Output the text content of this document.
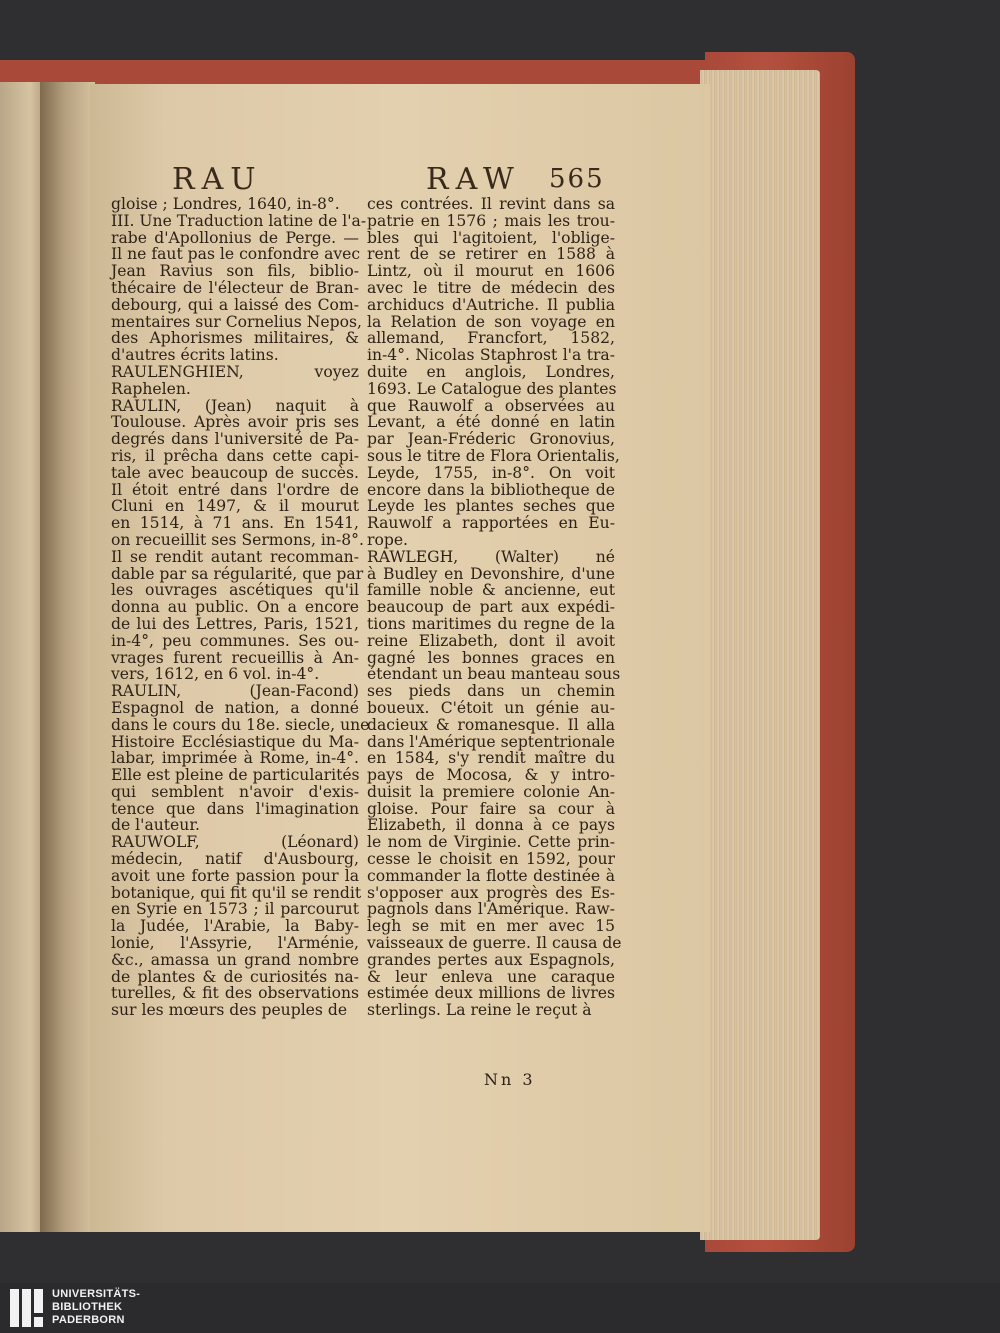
RAU	RAW 565
gloise ; Londres, 1640, in-8°.
III. Une Traduction latine de l'a-
rabe d'Apollonius de Perge. —
Il ne faut pas le confondre avec
Jean Ravius son fils, biblio-
thécaire de l'électeur de Bran-
debourg, qui a laissé des Com-
mentaires sur Cornelius Nepos,
des Aphorismes militaires, &
d'autres écrits latins.
RAULENGHIEN, voyez
Raphelen.
RAULIN, (Jean) naquit à
Toulouse. Après avoir pris ses
degrés dans l'université de Pa-
ris, il prêcha dans cette capi-
tale avec beaucoup de succès.
Il étoit entré dans l'ordre de
Cluni en 1497, & il mourut
en 1514, à 71 ans. En 1541,
on recueillit ses Sermons, in-8°.
Il se rendit autant recomman-
dable par sa régularité, que par
les ouvrages ascétiques qu'il
donna au public. On a encore
de lui des Lettres, Paris, 1521,
in-4°, peu communes. Ses ou-
vrages furent recueillis à An-
vers, 1612, en 6 vol. in-4°.
RAULIN, (Jean-Facond)
Espagnol de nation, a donné
dans le cours du 18e. siecle, une
Histoire Ecclésiastique du Ma-
labar, imprimée à Rome, in-4°.
Elle est pleine de particularités
qui semblent n'avoir d'exis-
tence que dans l'imagination
de l'auteur.
RAUWOLF, (Léonard)
médecin, natif d'Ausbourg,
avoit une forte passion pour la
botanique, qui fit qu'il se rendit
en Syrie en 1573 ; il parcourut
la Judée, l'Arabie, la Baby-
lonie, l'Assyrie, l'Arménie,
&c., amassa un grand nombre
de plantes & de curiosités na-
turelles, & fit des observations
sur les mœurs des peuples de
ces contrées. Il revint dans sa
patrie en 1576 ; mais les trou-
bles qui l'agitoient, l'oblige-
rent de se retirer en 1588 à
Lintz, où il mourut en 1606
avec le titre de médecin des
archiducs d'Autriche. Il publia
la Relation de son voyage en
allemand, Francfort, 1582,
in-4°. Nicolas Staphrost l'a tra-
duite en anglois, Londres,
1693. Le Catalogue des plantes
que Rauwolf a observées au
Levant, a été donné en latin
par Jean-Fréderic Gronovius,
sous le titre de Flora Orientalis,
Leyde, 1755, in-8°. On voit
encore dans la bibliotheque de
Leyde les plantes seches que
Rauwolf a rapportées en Eu-
rope.
RAWLEGH, (Walter) né
à Budley en Devonshire, d'une
famille noble & ancienne, eut
beaucoup de part aux expédi-
tions maritimes du regne de la
reine Elizabeth, dont il avoit
gagné les bonnes graces en
étendant un beau manteau sous
ses pieds dans un chemin
boueux. C'étoit un génie au-
dacieux & romanesque. Il alla
dans l'Amérique septentrionale
en 1584, s'y rendit maître du
pays de Mocosa, & y intro-
duisit la premiere colonie An-
gloise. Pour faire sa cour à
Elizabeth, il donna à ce pays
le nom de Virginie. Cette prin-
cesse le choisit en 1592, pour
commander la flotte destinée à
s'opposer aux progrès des Es-
pagnols dans l'Amérique. Raw-
legh se mit en mer avec 15
vaisseaux de guerre. Il causa de
grandes pertes aux Espagnols,
& leur enleva une caraque
estimée deux millions de livres
sterlings. La reine le reçut à
Nn 3
UNIVERSITÄTS-
BIBLIOTHEK
PADERBORN
